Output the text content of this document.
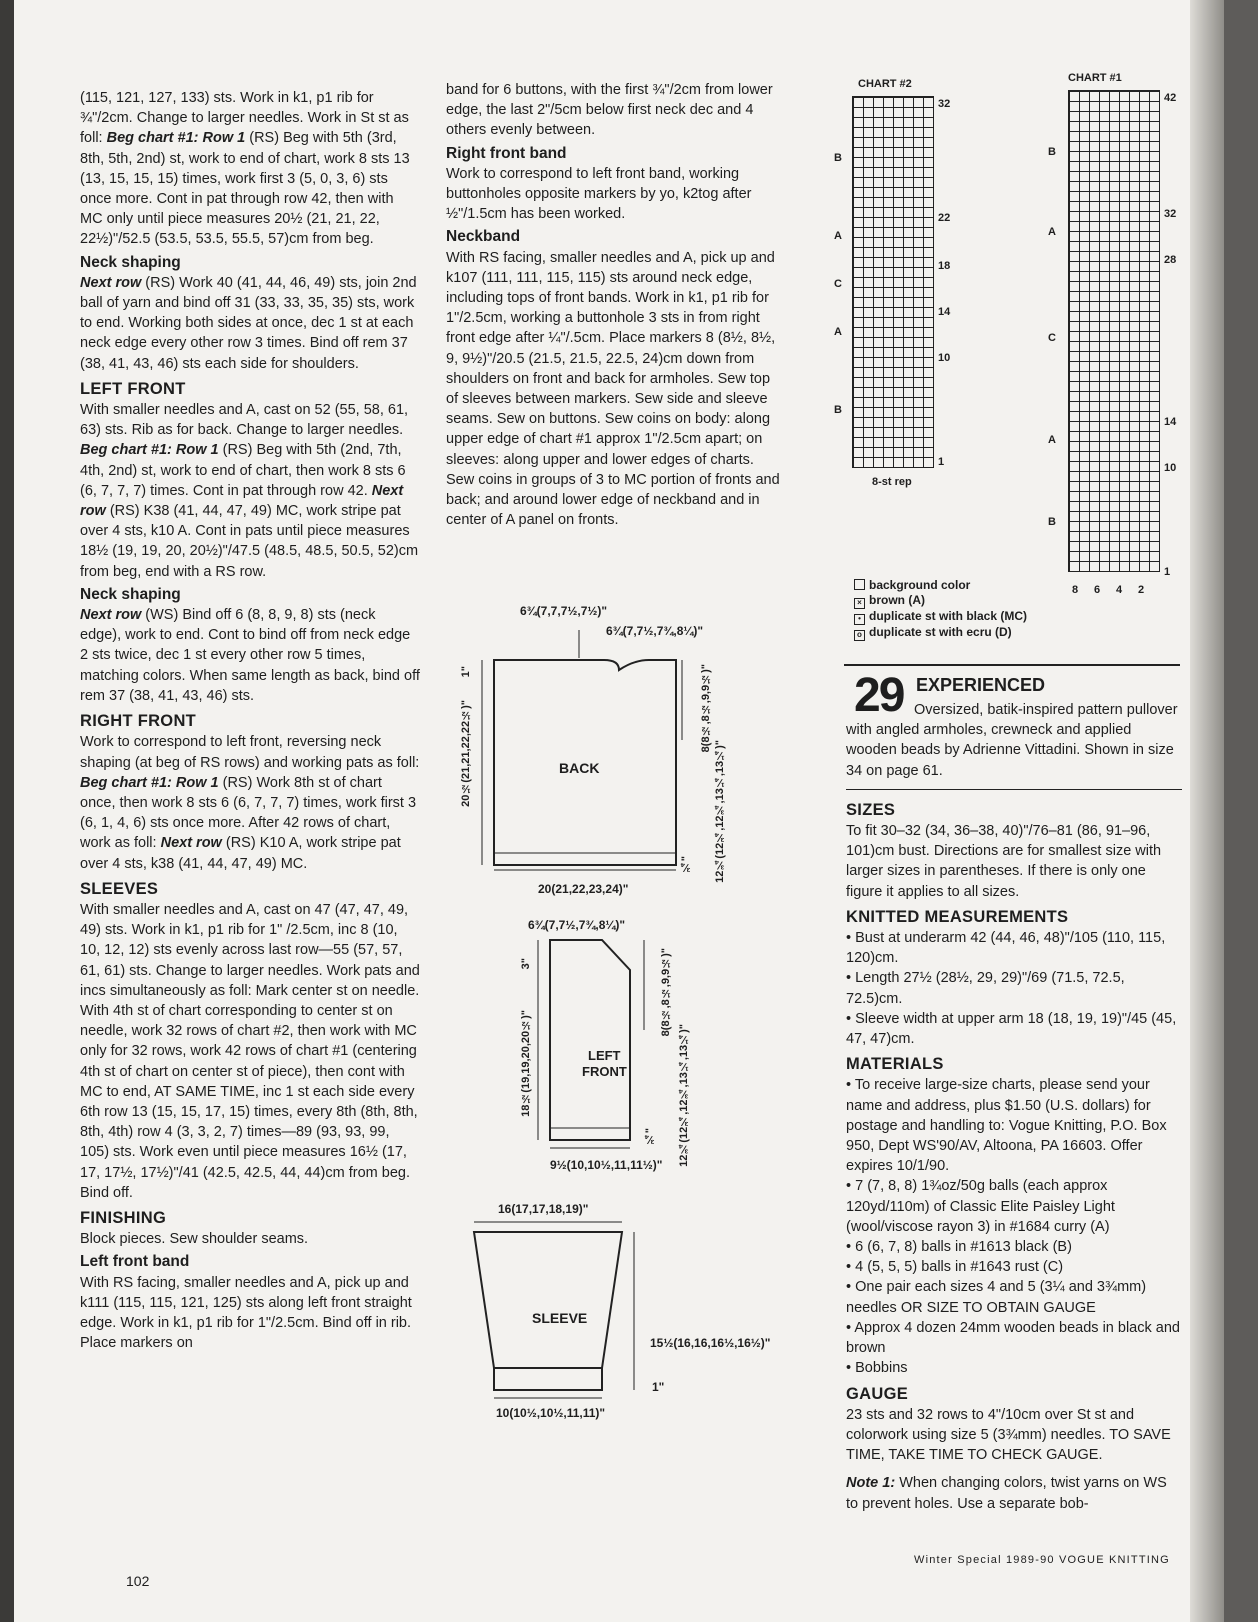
(115, 121, 127, 133) sts. Work in k1, p1 rib for ¾"/2cm. Change to larger needles. Work in St st as foll: Beg chart #1: Row 1 (RS) Beg with 5th (3rd, 8th, 5th, 2nd) st, work to end of chart, work 8 sts 13 (13, 15, 15, 15) times, work first 3 (5, 0, 3, 6) sts once more. Cont in pat through row 42, then with MC only until piece measures 20½ (21, 21, 22, 22½)"/52.5 (53.5, 53.5, 55.5, 57)cm from beg.

Neck shaping

Next row (RS) Work 40 (41, 44, 46, 49) sts, join 2nd ball of yarn and bind off 31 (33, 33, 35, 35) sts, work to end. Working both sides at once, dec 1 st at each neck edge every other row 3 times. Bind off rem 37 (38, 41, 43, 46) sts each side for shoulders.

LEFT FRONT

With smaller needles and A, cast on 52 (55, 58, 61, 63) sts. Rib as for back. Change to larger needles. Beg chart #1: Row 1 (RS) Beg with 5th (2nd, 7th, 4th, 2nd) st, work to end of chart, then work 8 sts 6 (6, 7, 7, 7) times. Cont in pat through row 42. Next row (RS) K38 (41, 44, 47, 49) MC, work stripe pat over 4 sts, k10 A. Cont in pats until piece measures 18½ (19, 19, 20, 20½)"/47.5 (48.5, 48.5, 50.5, 52)cm from beg, end with a RS row.

Neck shaping

Next row (WS) Bind off 6 (8, 8, 9, 8) sts (neck edge), work to end. Cont to bind off from neck edge 2 sts twice, dec 1 st every other row 5 times, matching colors. When same length as back, bind off rem 37 (38, 41, 43, 46) sts.

RIGHT FRONT

Work to correspond to left front, reversing neck shaping (at beg of RS rows) and working pats as foll: Beg chart #1: Row 1 (RS) Work 8th st of chart once, then work 8 sts 6 (6, 7, 7, 7) times, work first 3 (6, 1, 4, 6) sts once more. After 42 rows of chart, work as foll: Next row (RS) K10 A, work stripe pat over 4 sts, k38 (41, 44, 47, 49) MC.

SLEEVES

With smaller needles and A, cast on 47 (47, 47, 49, 49) sts. Work in k1, p1 rib for 1" /2.5cm, inc 8 (10, 10, 12, 12) sts evenly across last row—55 (57, 57, 61, 61) sts. Change to larger needles. Work pats and incs simultaneously as foll: Mark center st on needle. With 4th st of chart corresponding to center st on needle, work 32 rows of chart #2, then work with MC only for 32 rows, work 42 rows of chart #1 (centering 4th st of chart on center st of piece), then cont with MC to end, AT SAME TIME, inc 1 st each side every 6th row 13 (15, 15, 17, 15) times, every 8th (8th, 8th, 8th, 4th) row 4 (3, 3, 2, 7) times—89 (93, 93, 99, 105) sts. Work even until piece measures 16½ (17, 17, 17½, 17½)"/41 (42.5, 42.5, 44, 44)cm from beg. Bind off.

FINISHING

Block pieces. Sew shoulder seams.

Left front band

With RS facing, smaller needles and A, pick up and k111 (115, 115, 121, 125) sts along left front straight edge. Work in k1, p1 rib for 1"/2.5cm. Bind off in rib. Place markers on

band for 6 buttons, with the first ¾"/2cm from lower edge, the last 2"/5cm below first neck dec and 4 others evenly between.

Right front band

Work to correspond to left front band, working buttonholes opposite markers by yo, k2tog after ½"/1.5cm has been worked.

Neckband

With RS facing, smaller needles and A, pick up and k107 (111, 111, 115, 115) sts around neck edge, including tops of front bands. Work in k1, p1 rib for 1"/2.5cm, working a buttonhole 3 sts in from right front edge after ¼"/.5cm. Place markers 8 (8½, 8½, 9, 9½)"/20.5 (21.5, 21.5, 22.5, 24)cm down from shoulders on front and back for armholes. Sew top of sleeves between markers. Sew side and sleeve seams. Sew on buttons. Sew coins on body: along upper edge of chart #1 approx 1"/2.5cm apart; on sleeves: along upper and lower edges of charts. Sew coins in groups of 3 to MC portion of fronts and back; and around lower edge of neckband and in center of A panel on fronts.

6¾(7,7,7½,7½)"
6¾(7,7½,7¾,8¼)"
BACK
20½(21,21,22,22½)"
1"	8(8½,8½,9,9½)"
12¾(12¾,12¾,13¼,13¼)"
¾"
20(21,22,23,24)"
6¾(7,7½,7¾,8¼)"
LEFT
FRONT
18½(19,19,20,20½)"
3"	8(8½,8½,9,9½)"
12¾(12¾,12¾,13¼,13¼)"
¾"
9½(10,10½,11,11½)"
16(17,17,18,19)"
SLEEVE
15½(16,16,16½,16½)"
1"
10(10½,10½,11,11)"
CHART #2
32
22
18
14
10
1
B
A
C
A
B
8-st rep
CHART #1
42
32
28
14
10
1
B
A
C
A
B
8 6 4 2
background color
× brown (A)
• duplicate st with black (MC)
o duplicate st with ecru (D)
29 EXPERIENCED

Oversized, batik-inspired pattern pullover with angled armholes, crewneck and applied wooden beads by Adrienne Vittadini. Shown in size 34 on page 61.

SIZES

To fit 30–32 (34, 36–38, 40)"/76–81 (86, 91–96, 101)cm bust. Directions are for smallest size with larger sizes in parentheses. If there is only one figure it applies to all sizes.

KNITTED MEASUREMENTS

• Bust at underarm 42 (44, 46, 48)"/105 (110, 115, 120)cm.

• Length 27½ (28½, 29, 29)"/69 (71.5, 72.5, 72.5)cm.

• Sleeve width at upper arm 18 (18, 19, 19)"/45 (45, 47, 47)cm.

MATERIALS

• To receive large-size charts, please send your name and address, plus $1.50 (U.S. dollars) for postage and handling to: Vogue Knitting, P.O. Box 950, Dept WS'90/AV, Altoona, PA 16603. Offer expires 10/1/90.

• 7 (7, 8, 8) 1¾oz/50g balls (each approx 120yd/110m) of Classic Elite Paisley Light (wool/viscose rayon 3) in #1684 curry (A)

• 6 (6, 7, 8) balls in #1613 black (B)

• 4 (5, 5, 5) balls in #1643 rust (C)

• One pair each sizes 4 and 5 (3¼ and 3¾mm) needles OR SIZE TO OBTAIN GAUGE

• Approx 4 dozen 24mm wooden beads in black and brown

• Bobbins

GAUGE

23 sts and 32 rows to 4"/10cm over St st and colorwork using size 5 (3¾mm) needles. TO SAVE TIME, TAKE TIME TO CHECK GAUGE.

Note 1: When changing colors, twist yarns on WS to prevent holes. Use a separate bob-

102
Winter Special 1989-90 VOGUE KNITTING
